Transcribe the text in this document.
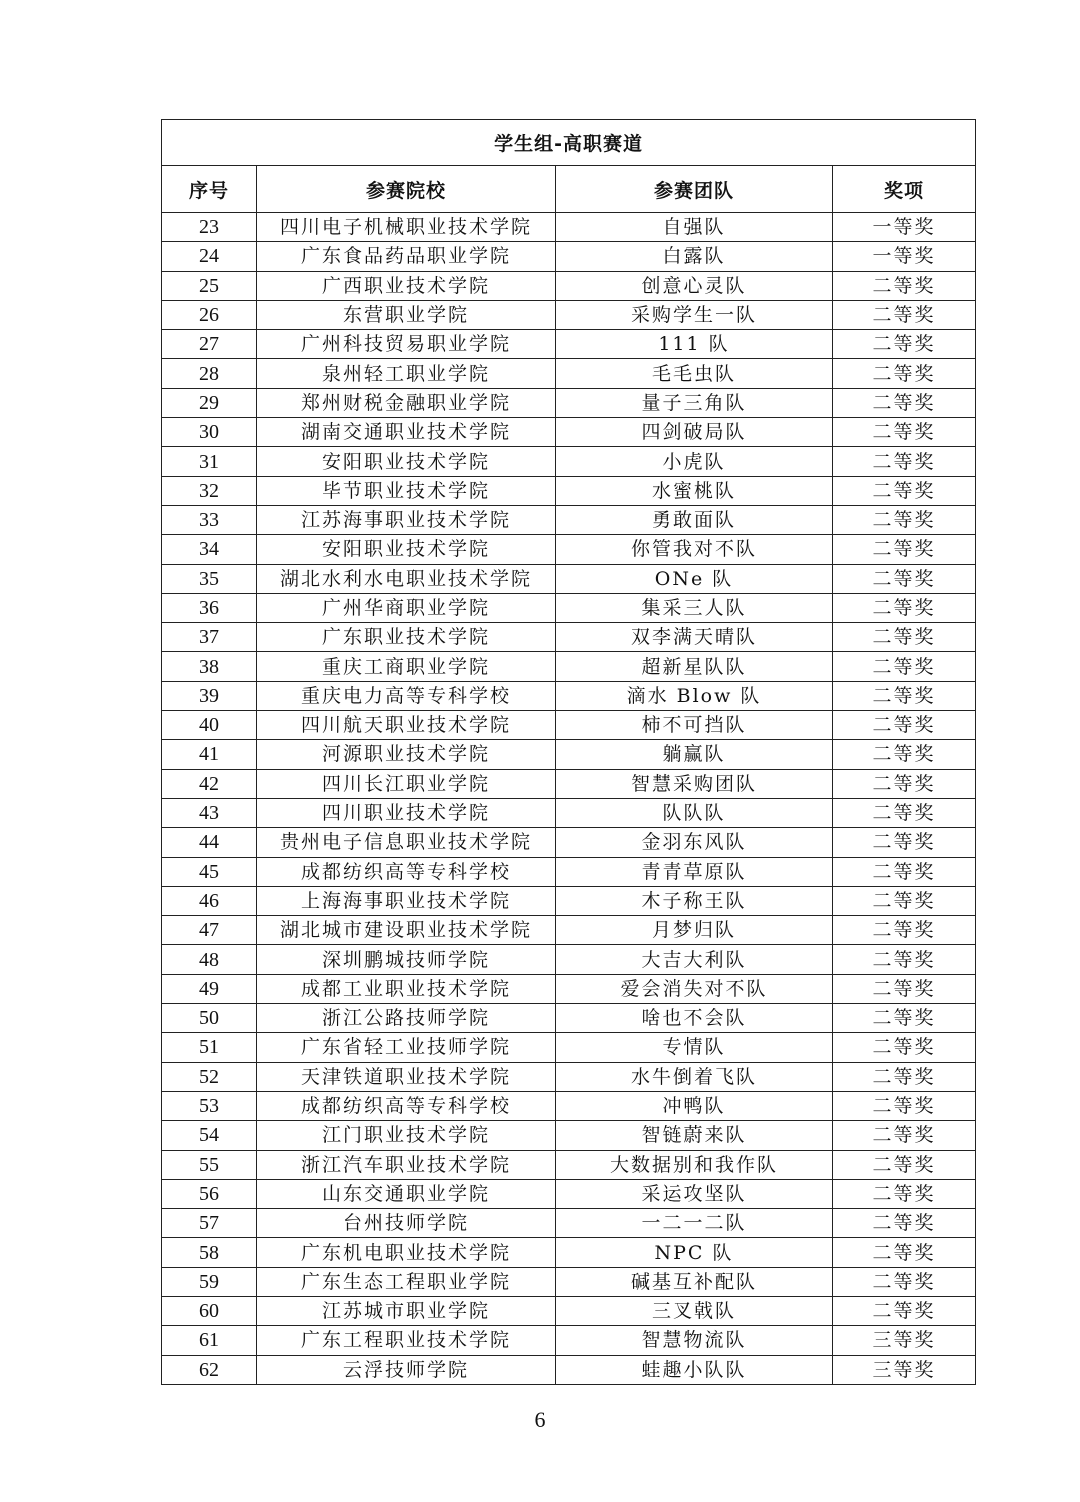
学生组-高职赛道			
序号	参赛院校	参赛团队	奖项
23	四川电子机械职业技术学院	自强队	一等奖
24	广东食品药品职业学院	白露队	一等奖
25	广西职业技术学院	创意心灵队	二等奖
26	东营职业学院	采购学生一队	二等奖
27	广州科技贸易职业学院	111 队	二等奖
28	泉州轻工职业学院	毛毛虫队	二等奖
29	郑州财税金融职业学院	量子三角队	二等奖
30	湖南交通职业技术学院	四剑破局队	二等奖
31	安阳职业技术学院	小虎队	二等奖
32	毕节职业技术学院	水蜜桃队	二等奖
33	江苏海事职业技术学院	勇敢面队	二等奖
34	安阳职业技术学院	你管我对不队	二等奖
35	湖北水利水电职业技术学院	ONe 队	二等奖
36	广州华商职业学院	集采三人队	二等奖
37	广东职业技术学院	双李满天晴队	二等奖
38	重庆工商职业学院	超新星队队	二等奖
39	重庆电力高等专科学校	滴水 Blow 队	二等奖
40	四川航天职业技术学院	柿不可挡队	二等奖
41	河源职业技术学院	躺赢队	二等奖
42	四川长江职业学院	智慧采购团队	二等奖
43	四川职业技术学院	队队队	二等奖
44	贵州电子信息职业技术学院	金羽东风队	二等奖
45	成都纺织高等专科学校	青青草原队	二等奖
46	上海海事职业技术学院	木子称王队	二等奖
47	湖北城市建设职业技术学院	月梦归队	二等奖
48	深圳鹏城技师学院	大吉大利队	二等奖
49	成都工业职业技术学院	爱会消失对不队	二等奖
50	浙江公路技师学院	啥也不会队	二等奖
51	广东省轻工业技师学院	专情队	二等奖
52	天津铁道职业技术学院	水牛倒着飞队	二等奖
53	成都纺织高等专科学校	冲鸭队	二等奖
54	江门职业技术学院	智链蔚来队	二等奖
55	浙江汽车职业技术学院	大数据别和我作队	二等奖
56	山东交通职业学院	采运攻坚队	二等奖
57	台州技师学院	一二一二队	二等奖
58	广东机电职业技术学院	NPC 队	二等奖
59	广东生态工程职业学院	碱基互补配队	二等奖
60	江苏城市职业学院	三叉戟队	二等奖
61	广东工程职业技术学院	智慧物流队	三等奖
62	云浮技师学院	蛙趣小队队	三等奖
6
